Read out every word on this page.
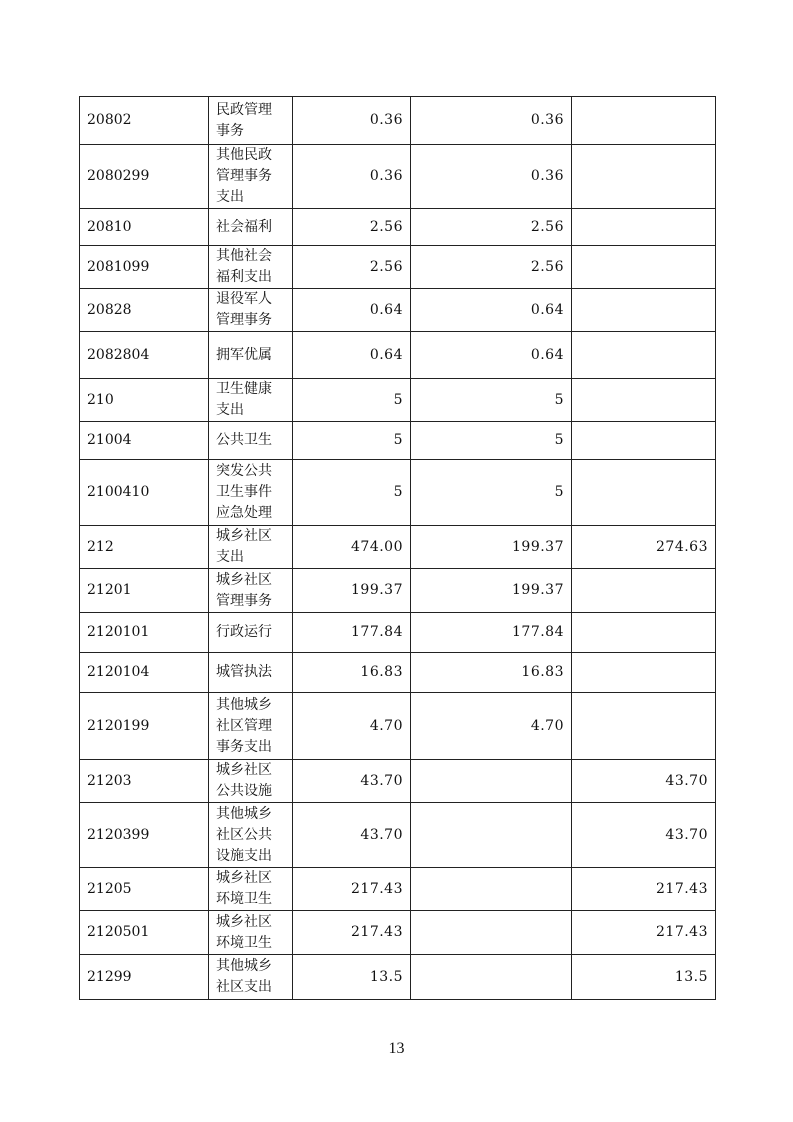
20802	民政管理
事务	0.36	0.36	
2080299	其他民政
管理事务
支出	0.36	0.36	
20810	社会福利	2.56	2.56	
2081099	其他社会
福利支出	2.56	2.56	
20828	退役军人
管理事务	0.64	0.64	
2082804	拥军优属	0.64	0.64	
210	卫生健康
支出	5	5	
21004	公共卫生	5	5	
2100410	突发公共
卫生事件
应急处理	5	5	
212	城乡社区
支出	474.00	199.37	274.63
21201	城乡社区
管理事务	199.37	199.37	
2120101	行政运行	177.84	177.84	
2120104	城管执法	16.83	16.83	
2120199	其他城乡
社区管理
事务支出	4.70	4.70	
21203	城乡社区
公共设施	43.70		43.70
2120399	其他城乡
社区公共
设施支出	43.70		43.70
21205	城乡社区
环境卫生	217.43		217.43
2120501	城乡社区
环境卫生	217.43		217.43
21299	其他城乡
社区支出	13.5		13.5
13
